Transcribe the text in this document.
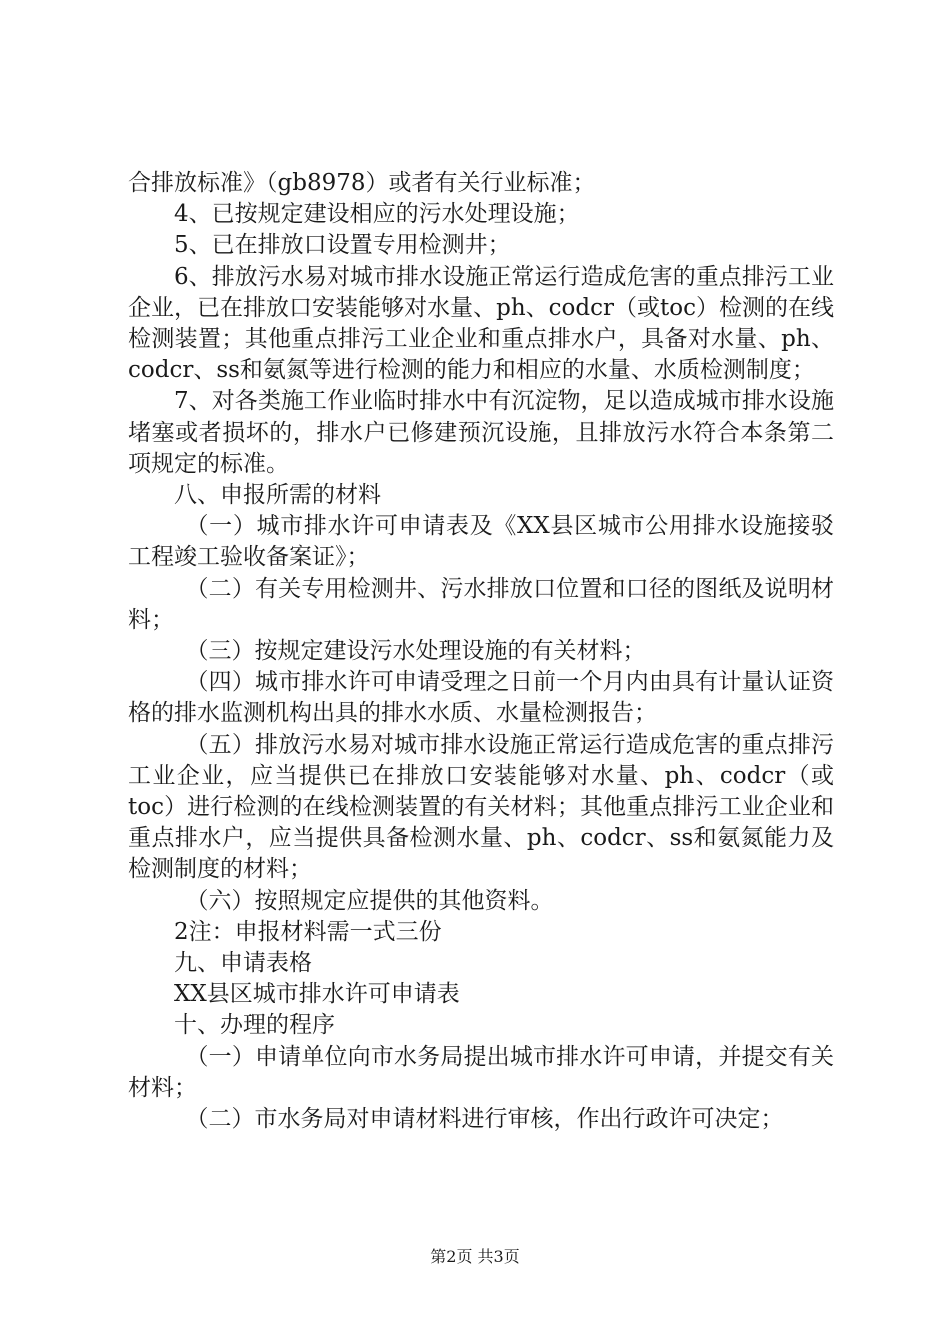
合排放标准》（gb8978）或者有关行业标准；

4、已按规定建设相应的污水处理设施；

5、已在排放口设置专用检测井；

6、排放污水易对城市排水设施正常运行造成危害的重点排污工业企业，已在排放口安装能够对水量、ph、codcr（或toc）检测的在线检测装置；其他重点排污工业企业和重点排水户，具备对水量、ph、codcr、ss和氨氮等进行检测的能力和相应的水量、水质检测制度；

7、对各类施工作业临时排水中有沉淀物，足以造成城市排水设施堵塞或者损坏的，排水户已修建预沉设施，且排放污水符合本条第二项规定的标准。

八、申报所需的材料

（一）城市排水许可申请表及《XX县区城市公用排水设施接驳工程竣工验收备案证》；

（二）有关专用检测井、污水排放口位置和口径的图纸及说明材料；

（三）按规定建设污水处理设施的有关材料；

（四）城市排水许可申请受理之日前一个月内由具有计量认证资格的排水监测机构出具的排水水质、水量检测报告；

（五）排放污水易对城市排水设施正常运行造成危害的重点排污工业企业，应当提供已在排放口安装能够对水量、ph、codcr（或toc）进行检测的在线检测装置的有关材料；其他重点排污工业企业和重点排水户，应当提供具备检测水量、ph、codcr、ss和氨氮能力及检测制度的材料；

（六）按照规定应提供的其他资料。

2注：申报材料需一式三份

九、申请表格

XX县区城市排水许可申请表

十、办理的程序

（一）申请单位向市水务局提出城市排水许可申请，并提交有关材料；

（二）市水务局对申请材料进行审核，作出行政许可决定；

第2页 共3页
